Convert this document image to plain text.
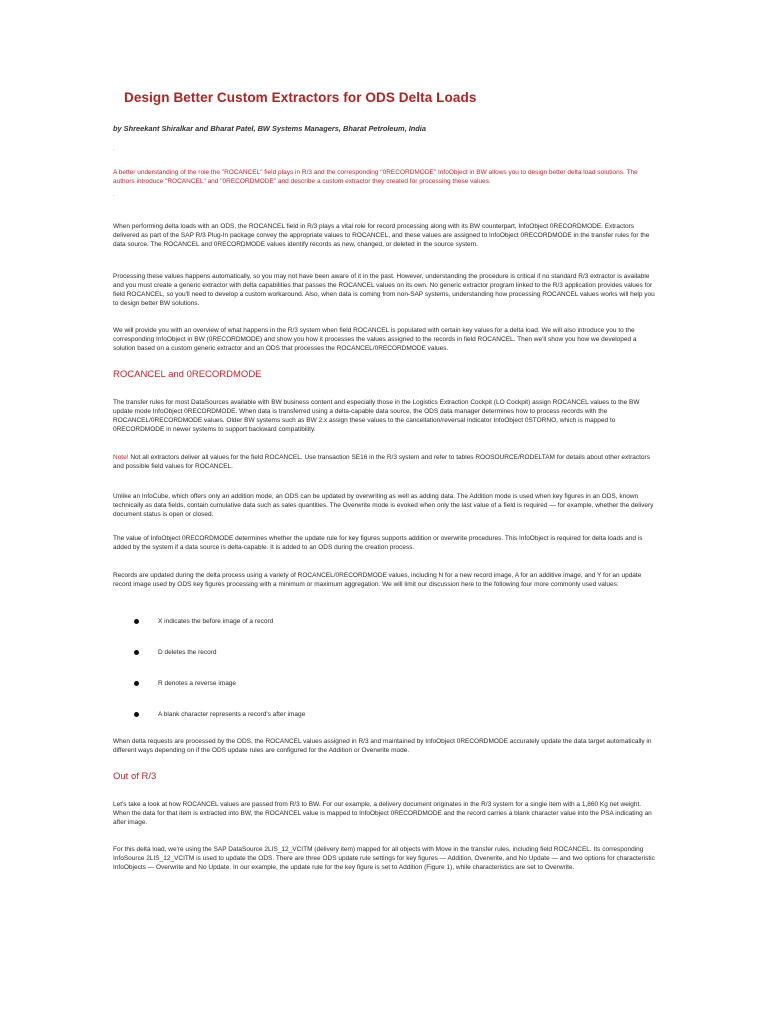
Design Better Custom Extractors for ODS Delta Loads
by Shreekant Shiralkar and Bharat Patel, BW Systems Managers, Bharat Petroleum, India
.

A better understanding of the role the "ROCANCEL" field plays in R/3 and the corresponding "0RECORDMODE" InfoObject in BW allows you to design better delta load solutions. The authors introduce "ROCANCEL" and "0RECORDMODE" and describe a custom extractor they created for processing these values.

.

When performing delta loads with an ODS, the ROCANCEL field in R/3 plays a vital role for record processing along with its BW counterpart, InfoObject 0RECORDMODE. Extractors delivered as part of the SAP R/3 Plug-In package convey the appropriate values to ROCANCEL, and these values are assigned to InfoObject 0RECORDMODE in the transfer rules for the data source. The ROCANCEL and 0RECORDMODE values identify records as new, changed, or deleted in the source system.

Processing these values happens automatically, so you may not have been aware of it in the past. However, understanding the procedure is critical if no standard R/3 extractor is available and you must create a generic extractor with delta capabilities that passes the ROCANCEL values on its own. No generic extractor program linked to the R/3 application provides values for field ROCANCEL, so you'll need to develop a custom workaround. Also, when data is coming from non-SAP systems, understanding how processing ROCANCEL values works will help you to design better BW solutions.

We will provide you with an overview of what happens in the R/3 system when field ROCANCEL is populated with certain key values for a delta load. We will also introduce you to the corresponding InfoObject in BW (0RECORDMODE) and show you how it processes the values assigned to the records in field ROCANCEL. Then we'll show you how we developed a solution based on a custom generic extractor and an ODS that processes the ROCANCEL/0RECORDMODE values.

ROCANCEL and 0RECORDMODE

The transfer rules for most DataSources available with BW business content and especially those in the Logistics Extraction Cockpit (LO Cockpit) assign ROCANCEL values to the BW update mode InfoObject 0RECORDMODE. When data is transferred using a delta-capable data source, the ODS data manager determines how to process records with the ROCANCEL/0RECORDMODE values. Older BW systems such as BW 2.x assign these values to the cancellation/reversal indicator InfoObject 0STORNO, which is mapped to 0RECORDMODE in newer systems to support backward compatibility.

Note! Not all extractors deliver all values for the field ROCANCEL. Use transaction SE16 in the R/3 system and refer to tables ROOSOURCE/RODELTAM for details about other extractors and possible field values for ROCANCEL.

Unlike an InfoCube, which offers only an addition mode, an ODS can be updated by overwriting as well as adding data. The Addition mode is used when key figures in an ODS, known technically as data fields, contain cumulative data such as sales quantities. The Overwrite mode is evoked when only the last value of a field is required — for example, whether the delivery document status is open or closed.

The value of InfoObject 0RECORDMODE determines whether the update rule for key figures supports addition or overwrite procedures. This InfoObject is required for delta loads and is added by the system if a data source is delta-capable. It is added to an ODS during the creation process.

Records are updated during the delta process using a variety of ROCANCEL/0RECORDMODE values, including N for a new record image, A for an additive image, and Y for an update record image used by ODS key figures processing with a minimum or maximum aggregation. We will limit our discussion here to the following four more commonly used values:

X indicates the before image of a record
D deletes the record
R denotes a reverse image
A blank character represents a record's after image

When delta requests are processed by the ODS, the ROCANCEL values assigned in R/3 and maintained by InfoObject 0RECORDMODE accurately update the data target automatically in different ways depending on if the ODS update rules are configured for the Addition or Overwrite mode.

Out of R/3

Let's take a look at how ROCANCEL values are passed from R/3 to BW. For our example, a delivery document originates in the R/3 system for a single item with a 1,860 Kg net weight. When the data for that item is extracted into BW, the ROCANCEL value is mapped to InfoObject 0RECORDMODE and the record carries a blank character value into the PSA indicating an after image.

For this delta load, we're using the SAP DataSource 2LIS_12_VCITM (delivery item) mapped for all objects with Move in the transfer rules, including field ROCANCEL. Its corresponding InfoSource 2LIS_12_VCITM is used to update the ODS. There are three ODS update rule settings for key figures — Addition, Overwrite, and No Update — and two options for characteristic InfoObjects — Overwrite and No Update. In our example, the update rule for the key figure is set to Addition (Figure 1), while characteristics are set to Overwrite.
